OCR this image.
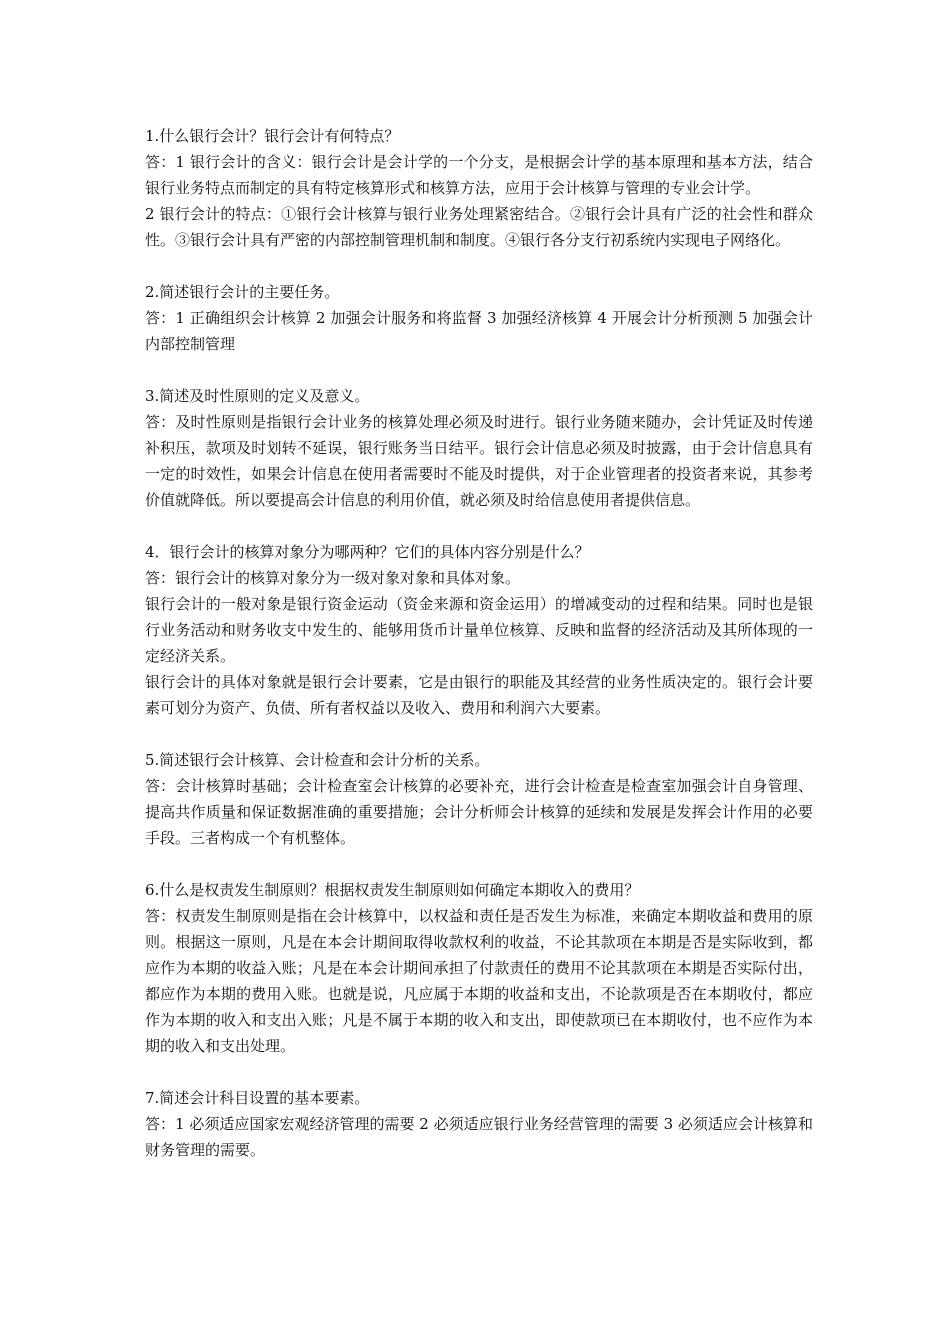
1.什么银行会计？银行会计有何特点？

答：1 银行会计的含义：银行会计是会计学的一个分支，是根据会计学的基本原理和基本方法，结合银行业务特点而制定的具有特定核算形式和核算方法，应用于会计核算与管理的专业会计学。

2 银行会计的特点：①银行会计核算与银行业务处理紧密结合。②银行会计具有广泛的社会性和群众性。③银行会计具有严密的内部控制管理机制和制度。④银行各分支行初系统内实现电子网络化。

2.简述银行会计的主要任务。

答：1 正确组织会计核算 2 加强会计服务和将监督 3 加强经济核算 4 开展会计分析预测 5 加强会计内部控制管理

3.简述及时性原则的定义及意义。

答：及时性原则是指银行会计业务的核算处理必须及时进行。银行业务随来随办，会计凭证及时传递补积压，款项及时划转不延误，银行账务当日结平。银行会计信息必须及时披露，由于会计信息具有一定的时效性，如果会计信息在使用者需要时不能及时提供，对于企业管理者的投资者来说，其参考价值就降低。所以要提高会计信息的利用价值，就必须及时给信息使用者提供信息。

4．银行会计的核算对象分为哪两种？它们的具体内容分别是什么？

答：银行会计的核算对象分为一级对象对象和具体对象。

银行会计的一般对象是银行资金运动（资金来源和资金运用）的增减变动的过程和结果。同时也是银行业务活动和财务收支中发生的、能够用货币计量单位核算、反映和监督的经济活动及其所体现的一定经济关系。

银行会计的具体对象就是银行会计要素，它是由银行的职能及其经营的业务性质决定的。银行会计要素可划分为资产、负债、所有者权益以及收入、费用和利润六大要素。

5.简述银行会计核算、会计检查和会计分析的关系。

答：会计核算时基础；会计检查室会计核算的必要补充，进行会计检查是检查室加强会计自身管理、提高共作质量和保证数据准确的重要措施；会计分析师会计核算的延续和发展是发挥会计作用的必要手段。三者构成一个有机整体。

6.什么是权责发生制原则？根据权责发生制原则如何确定本期收入的费用？

答：权责发生制原则是指在会计核算中，以权益和责任是否发生为标准，来确定本期收益和费用的原则。根据这一原则，凡是在本会计期间取得收款权利的收益，不论其款项在本期是否是实际收到，都应作为本期的收益入账；凡是在本会计期间承担了付款责任的费用不论其款项在本期是否实际付出，都应作为本期的费用入账。也就是说，凡应属于本期的收益和支出，不论款项是否在本期收付，都应作为本期的收入和支出入账；凡是不属于本期的收入和支出，即使款项已在本期收付，也不应作为本期的收入和支出处理。

7.简述会计科目设置的基本要素。

答：1 必须适应国家宏观经济管理的需要 2 必须适应银行业务经营管理的需要 3 必须适应会计核算和财务管理的需要。
